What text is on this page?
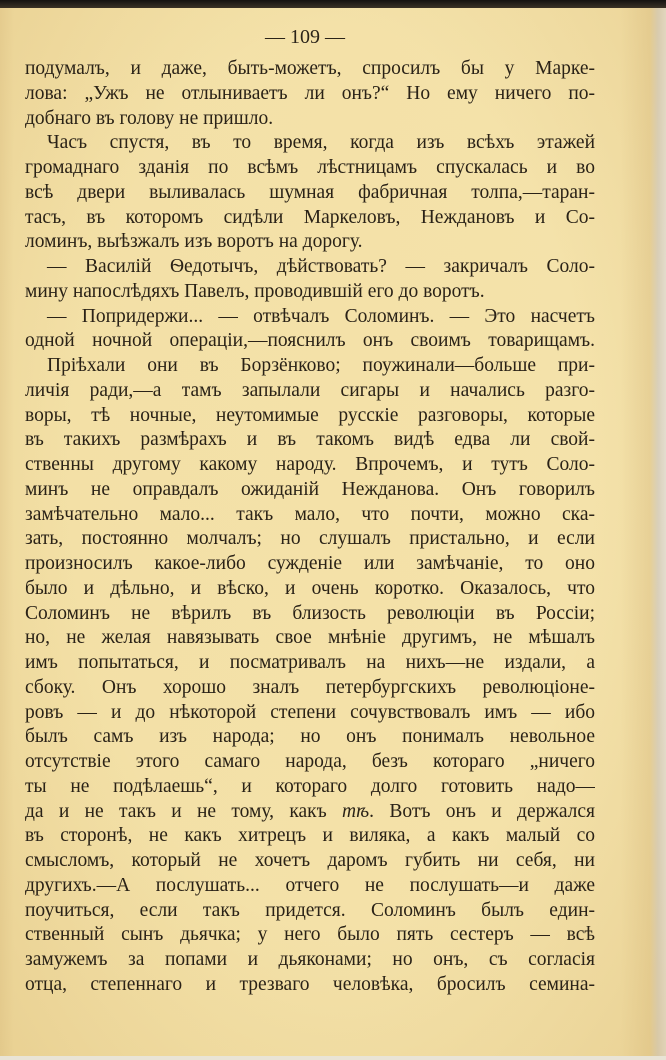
— 109 —
подумалъ, и даже, быть-можетъ, спросилъ бы у Марке-
лова: „Ужъ не отлыниваетъ ли онъ?“ Но ему ничего по-
добнаго въ голову не пришло.
Часъ спустя, въ то время, когда изъ всѣхъ этажей
громаднаго зданія по всѣмъ лѣстницамъ спускалась и во
всѣ двери выливалась шумная фабричная толпа,—таран-
тасъ, въ которомъ сидѣли Маркеловъ, Неждановъ и Со-
ломинъ, выѣзжалъ изъ воротъ на дорогу.
— Василій Ѳедотычъ, дѣйствовать? — закричалъ Соло-
мину напослѣдяхъ Павелъ, проводившій его до воротъ.
— Попридержи... — отвѣчалъ Соломинъ. — Это насчетъ
одной ночной операціи,—пояснилъ онъ своимъ товарищамъ.
Пріѣхали они въ Борзёнково; поужинали—больше при-
личія ради,—а тамъ запылали сигары и начались разго-
воры, тѣ ночные, неутомимые русскіе разговоры, которые
въ такихъ размѣрахъ и въ такомъ видѣ едва ли свой-
ственны другому какому народу. Впрочемъ, и тутъ Соло-
минъ не оправдалъ ожиданій Нежданова. Онъ говорилъ
замѣчательно мало... такъ мало, что почти, можно ска-
зать, постоянно молчалъ; но слушалъ пристально, и если
произносилъ какое-либо сужденіе или замѣчаніе, то оно
было и дѣльно, и вѣско, и очень коротко. Оказалось, что
Соломинъ не вѣрилъ въ близость революціи въ Россіи;
но, не желая навязывать свое мнѣніе другимъ, не мѣшалъ
имъ попытаться, и посматривалъ на нихъ—не издали, а
сбоку. Онъ хорошо зналъ петербургскихъ революціоне-
ровъ — и до нѣкоторой степени сочувствовалъ имъ — ибо
былъ самъ изъ народа; но онъ понималъ невольное
отсутствіе этого самаго народа, безъ котораго „ничего
ты не подѣлаешь“, и котораго долго готовить надо—
да и не такъ и не тому, какъ тѣ. Вотъ онъ и держался
въ сторонѣ, не какъ хитрецъ и виляка, а какъ малый со
смысломъ, который не хочетъ даромъ губить ни себя, ни
другихъ.—А послушать... отчего не послушать—и даже
поучиться, если такъ придется. Соломинъ былъ един-
ственный сынъ дьячка; у него было пять сестеръ — всѣ
замужемъ за попами и дьяконами; но онъ, съ согласія
отца, степеннаго и трезваго человѣка, бросилъ семина-
